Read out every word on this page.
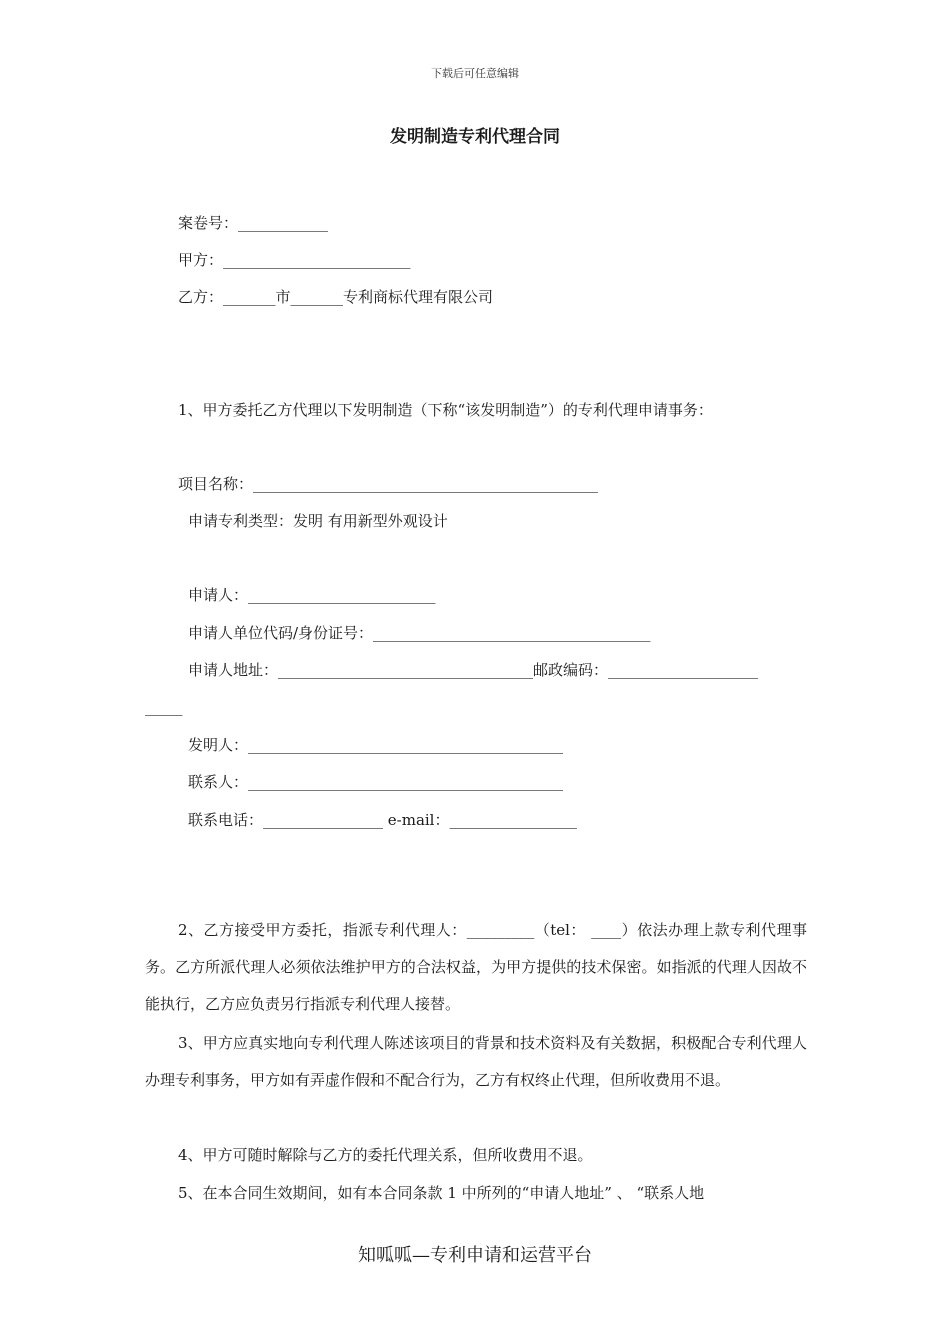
下载后可任意编辑
发明制造专利代理合同
案卷号：____________
甲方：_________________________
乙方：_______市_______专利商标代理有限公司
1、甲方委托乙方代理以下发明制造（下称“该发明制造”）的专利代理申请事务：
项目名称：______________________________________________
申请专利类型：发明 有用新型外观设计
申请人：_________________________
申请人单位代码/身份证号：_____________________________________
申请人地址：__________________________________邮政编码：____________________
_____
发明人：__________________________________________
联系人：__________________________________________
联系电话：________________ e-mail：_________________
2、乙方接受甲方委托，指派专利代理人：_________（tel： ____）依法办理上款专利代理事务。乙方所派代理人必须依法维护甲方的合法权益，为甲方提供的技术保密。如指派的代理人因故不能执行，乙方应负责另行指派专利代理人接替。
3、甲方应真实地向专利代理人陈述该项目的背景和技术资料及有关数据，积极配合专利代理人办理专利事务，甲方如有弄虚作假和不配合行为，乙方有权终止代理，但所收费用不退。
4、甲方可随时解除与乙方的委托代理关系，但所收费用不退。
5、在本合同生效期间，如有本合同条款 1 中所列的“申请人地址” 、 “联系人地
知呱呱—专利申请和运营平台
